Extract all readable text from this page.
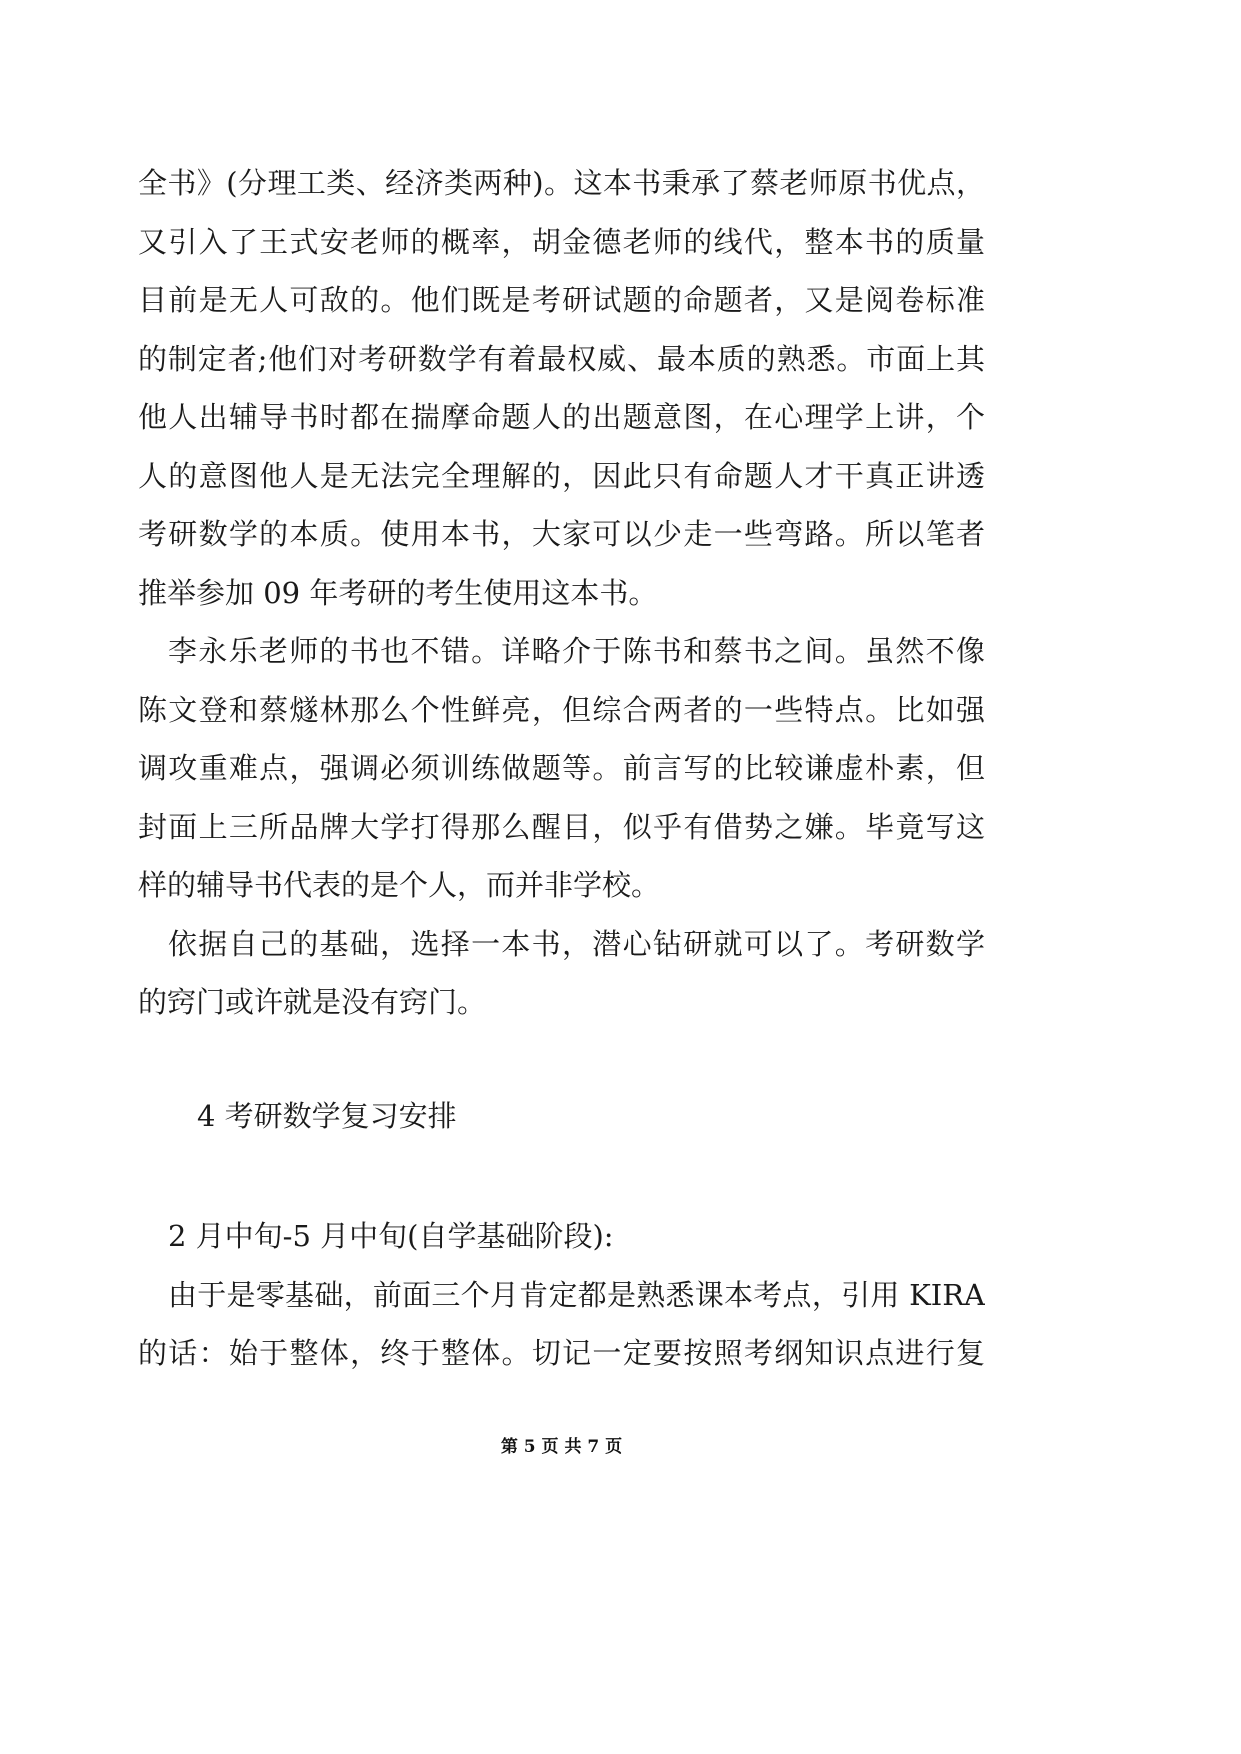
全书》(分理工类、经济类两种)。这本书秉承了蔡老师原书优点，
又引入了王式安老师的概率，胡金德老师的线代，整本书的质量
目前是无人可敌的。他们既是考研试题的命题者，又是阅卷标准
的制定者;他们对考研数学有着最权威、最本质的熟悉。市面上其
他人出辅导书时都在揣摩命题人的出题意图，在心理学上讲，个
人的意图他人是无法完全理解的，因此只有命题人才干真正讲透
考研数学的本质。使用本书，大家可以少走一些弯路。所以笔者
推举参加 09 年考研的考生使用这本书。
李永乐老师的书也不错。详略介于陈书和蔡书之间。虽然不像
陈文登和蔡燧林那么个性鲜亮，但综合两者的一些特点。比如强
调攻重难点，强调必须训练做题等。前言写的比较谦虚朴素，但
封面上三所品牌大学打得那么醒目，似乎有借势之嫌。毕竟写这
样的辅导书代表的是个人，而并非学校。
依据自己的基础，选择一本书，潜心钻研就可以了。考研数学
的窍门或许就是没有窍门。
4 考研数学复习安排
2 月中旬-5 月中旬(自学基础阶段):
由于是零基础，前面三个月肯定都是熟悉课本考点，引用 KIRA
的话：始于整体，终于整体。切记一定要按照考纲知识点进行复
第 5 页 共 7 页
